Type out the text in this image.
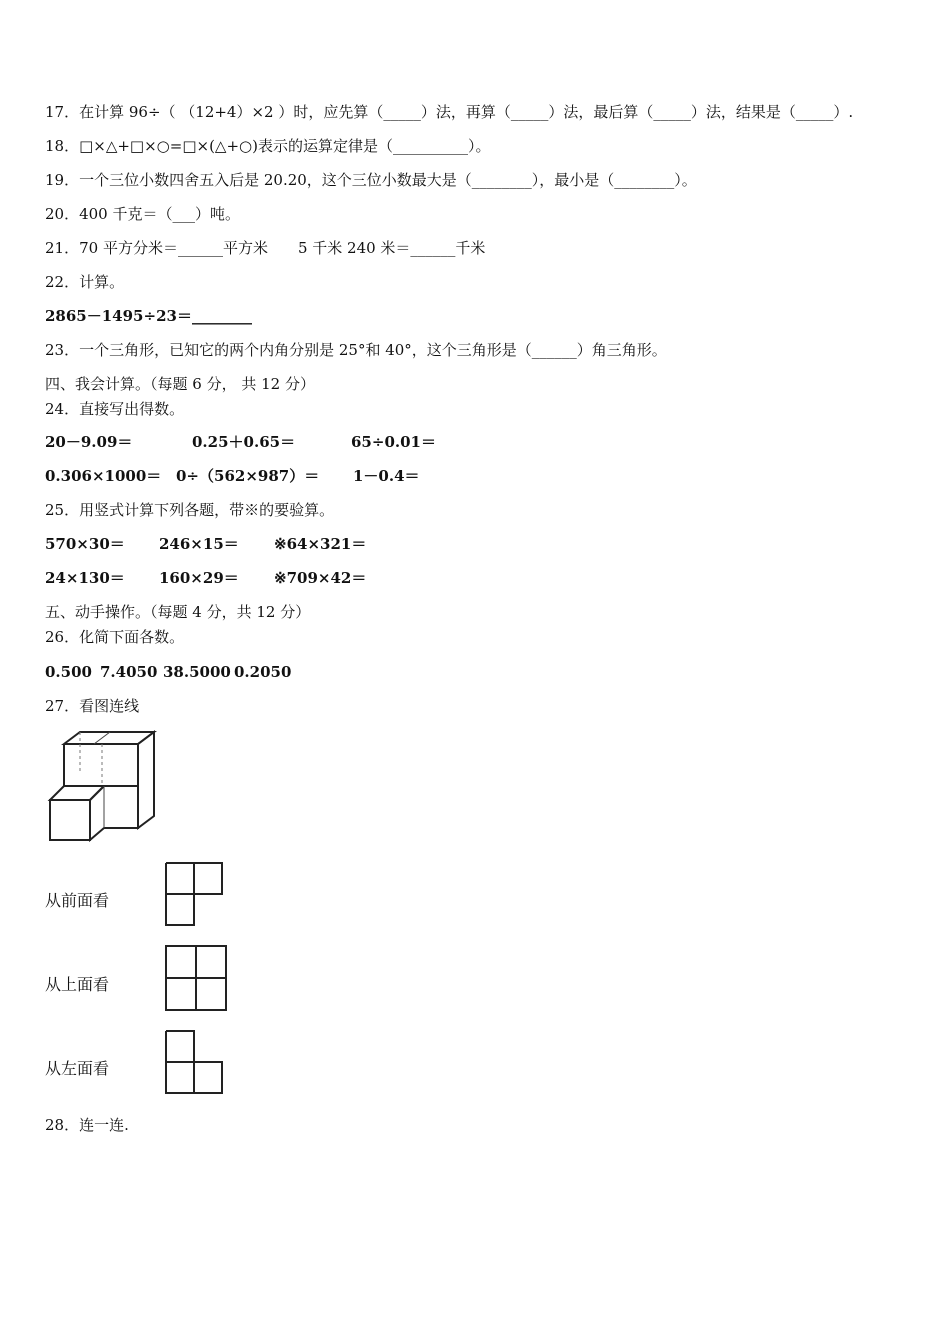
17．在计算 96÷（ （12+4）×2 ）时，应先算（_____）法，再算（_____）法，最后算（_____）法，结果是（_____）.
18．□×△+□×○=□×(△+○)表示的运算定律是（__________）。
19．一个三位小数四舍五入后是 20.20，这个三位小数最大是（________），最小是（________）。
20．400 千克＝（___）吨。
21．70 平方分米＝______平方米　　5 千米 240 米＝______千米
22．计算。
2865－1495÷23＝________
23．一个三角形，已知它的两个内角分别是 25°和 40°，这个三角形是（______）角三角形。
四、我会计算。（每题 6 分， 共 12 分）
24．直接写出得数。
20－9.09＝	0.25＋0.65＝	65÷0.01＝
0.306×1000＝ 0÷（562×987）＝ 1－0.4＝
25．用竖式计算下列各题，带※的要验算。
570×30＝ 246×15＝ ※64×321＝
24×130＝ 160×29＝ ※709×42＝
五、动手操作。（每题 4 分，共 12 分）
26．化简下面各数。
0.500 7.4050 38.5000 0.2050
27．看图连线
从前面看
从上面看
从左面看
28．连一连.
